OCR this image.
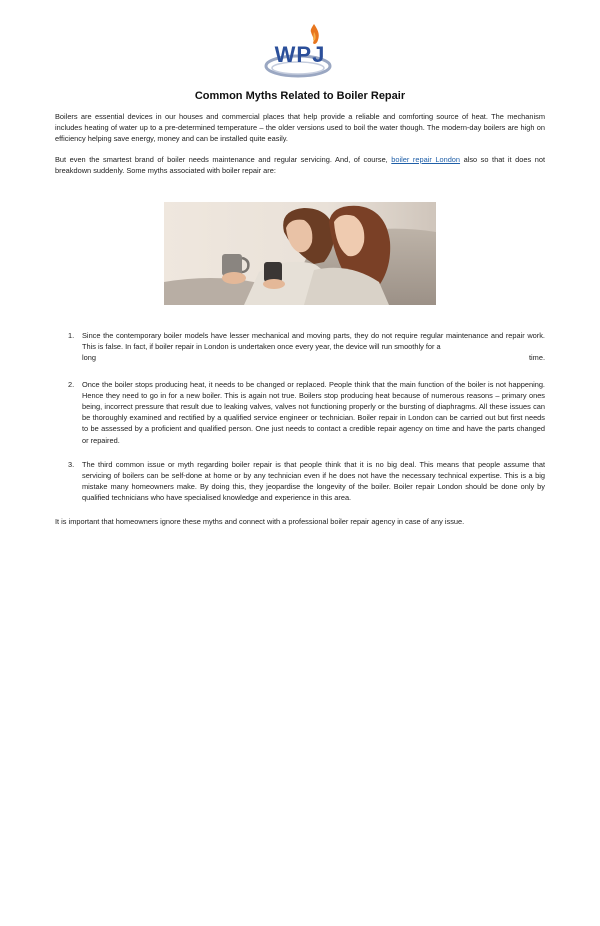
WPJ
Common Myths Related to Boiler Repair

Boilers are essential devices in our houses and commercial places that help provide a reliable and comforting source of heat. The mechanism includes heating of water up to a pre-determined temperature – the older versions used to boil the water though. The modern-day boilers are high on efficiency helping save energy, money and can be installed quite easily.

But even the smartest brand of boiler needs maintenance and regular servicing. And, of course, boiler repair London also so that it does not breakdown suddenly. Some myths associated with boiler repair are:

1. Since the contemporary boiler models have lesser mechanical and moving parts, they do not require regular maintenance and repair work. This is false. In fact, if boiler repair in London is undertaken once every year, the device will run smoothly for a
long	time.
2. Once the boiler stops producing heat, it needs to be changed or replaced. People think that the main function of the boiler is not happening. Hence they need to go in for a new boiler. This is again not true. Boilers stop producing heat because of numerous reasons – primary ones being, incorrect pressure that result due to leaking valves, valves not functioning properly or the bursting of diaphragms. All these issues can be thoroughly examined and rectified by a qualified service engineer or technician. Boiler repair in London can be carried out but first needs to be assessed by a proficient and qualified person. One just needs to contact a credible repair agency on time and have the parts changed or repaired.
3. The third common issue or myth regarding boiler repair is that people think that it is no big deal. This means that people assume that servicing of boilers can be self-done at home or by any technician even if he does not have the necessary technical expertise. This is a big mistake many homeowners make. By doing this, they jeopardise the longevity of the boiler. Boiler repair London should be done only by qualified technicians who have specialised knowledge and experience in this area.

It is important that homeowners ignore these myths and connect with a professional boiler repair agency in case of any issue.
